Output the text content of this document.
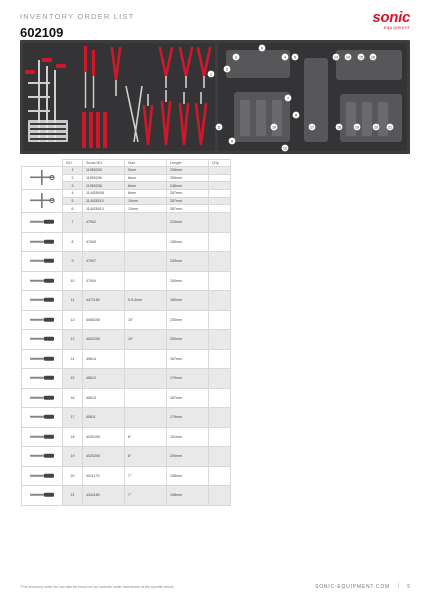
INVENTORY ORDER LIST
602109
sonic
equipment
1
2
3	4 5
6
7
8
9
10
11
12
13 14	15 16
17	18	19	20	21
	NO	Sonic NO	Size	Length	Q'ty
	1	11950205	5mm	206mm	
	2	11950206	6mm	206mm	
	3	11950208	8mm	246mm	
	4	114425008	8mm	287mm	
	5	114425010	10mm	287mm	
	6	114425013	13mm	287mm	
	7	47902		224mm	
	8	47905		155mm	
	9	47907		239mm	
	10	47904		240mm	
	11	4471180	0.5-4mm	169mm	
	12	4080250	10"	230mm	
	13	4052250	10"	250mm	
	14	45614		167mm	
	15	45612		179mm	
	16	45613		167mm	
	17	45611		179mm	
	18	4030190	8"	191mm	
	19	4025200	8"	200mm	
	20	4011175	7"	198mm	
	21	4341180	7"	198mm	
*The inventory order list can also be found on our website under downloads at the specific article.	SONIC-EQUIPMENT.COM | 5
